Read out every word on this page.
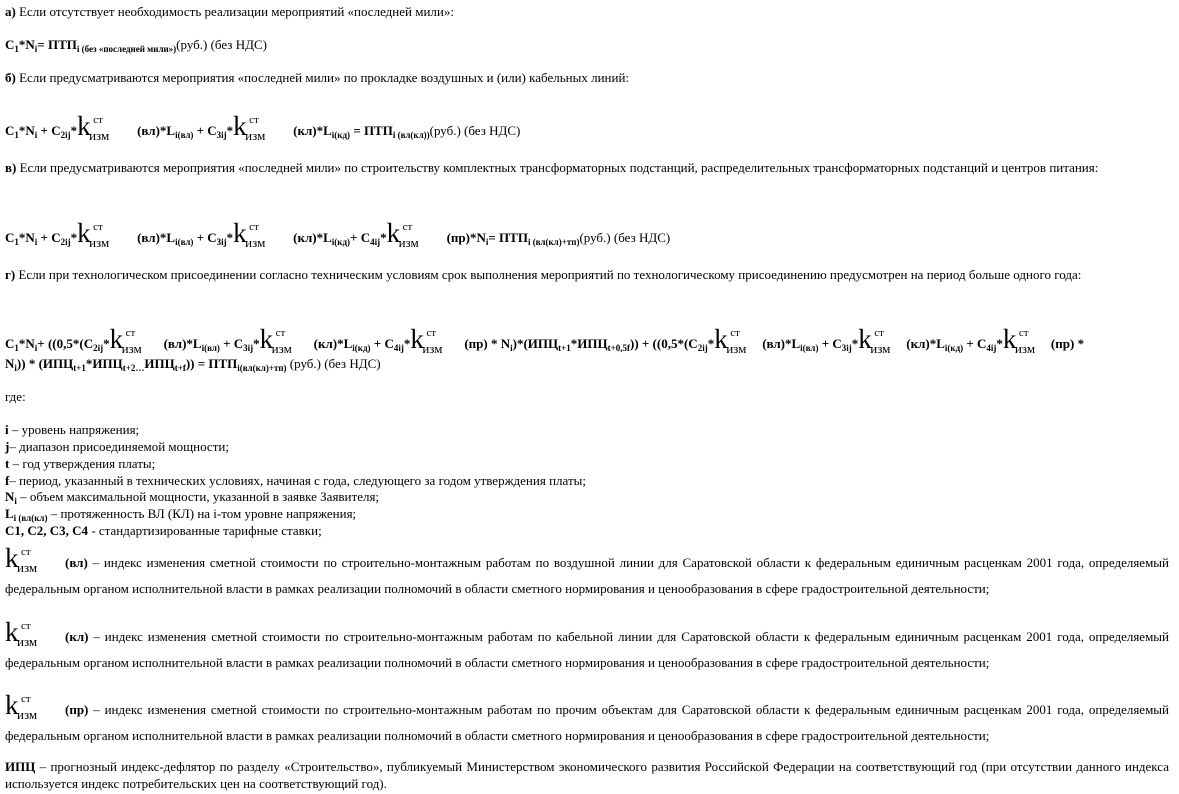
а) Если отсутствует необходимость реализации мероприятий «последней мили»:
$С_1*N_i= ПТП_{i (без «последней мили»)}(руб.)$ (без НДС)
б) Если предусматриваются мероприятия «последней мили» по прокладке воздушных и (или) кабельных линий:
$С_1*N_i + С_{2ij}*$ k ст
изм $(вл)*L_{i(вл)} + С_{3ij}*$ k ст
изм $(кл)*L_{i(кд)} = ПТП_{i (вл(кл))}(руб.)$ (без НДС)
в) Если предусматриваются мероприятия «последней мили» по строительству комплектных трансформаторных подстанций, распределительных трансформаторных подстанций и центров питания:
$С_1*N_i + С_{2ij}*$ k ст
изм $(вл)*L_{i(вл)} + С_{3ij}*$ k ст
изм $(кл)*L_{i(кд)}+ С_{4ij}*$ k ст
изм $(пр)*N_i= ПТП_{i (вл(кл)+тп)}(руб.)$ (без НДС)
г) Если при технологическом присоединении согласно техническим условиям срок выполнения мероприятий по технологическому присоединению предусмотрен на период больше одного года:
$С_1*N_i+ ((0,5*(С_{2ij}*$ k ст
изм $(вл)*L_{i(вл)} + С_{3ij}*$ k ст
изм $(кл)*L_{i(кд)} + С_{4ij}*$ k ст
изм $(пр) * N_i)*(ИПЦ_{t+1}*ИПЦ_{t+0,5f})) + ((0,5*(С_{2ij}*$ k ст
изм $(вл)*L_{i(вл)} + С_{3ij}*$ k ст
изм $(кл)*L_{i(кд)} + С_{4ij}*$ k ст
изм (пр) *
$N_i)) * (ИПЦ_{t+1}*ИПЦ_{t+2\dots}ИПЦ_{t+f})) = ПТП_{i(вл(кл)+тп)}$ (руб.) (без НДС)
где:
i – уровень напряжения;
j– диапазон присоединяемой мощности;
t – год утверждения платы;
f– период, указанный в технических условиях, начиная с года, следующего за годом утверждения платы;
$N_i$ – объем максимальной мощности, указанной в заявке Заявителя;
$L_{i (вл(кл)}$ – протяженность ВЛ (КЛ) на i-том уровне напряжения;
С1, С2, С3, С4 - стандартизированные тарифные ставки;
k ст
изм (вл) – индекс изменения сметной стоимости по строительно-монтажным работам по воздушной линии для Саратовской области к федеральным единичным расценкам 2001 года, определяемый федеральным органом исполнительной власти в рамках реализации полномочий в области сметного нормирования и ценообразования в сфере градостроительной деятельности;
k ст
изм (кл) – индекс изменения сметной стоимости по строительно-монтажным работам по кабельной линии для Саратовской области к федеральным единичным расценкам 2001 года, определяемый федеральным органом исполнительной власти в рамках реализации полномочий в области сметного нормирования и ценообразования в сфере градостроительной деятельности;
k ст
изм (пр) – индекс изменения сметной стоимости по строительно-монтажным работам по прочим объектам для Саратовской области к федеральным единичным расценкам 2001 года, определяемый федеральным органом исполнительной власти в рамках реализации полномочий в области сметного нормирования и ценообразования в сфере градостроительной деятельности;
ИПЦ – прогнозный индекс-дефлятор по разделу «Строительство», публикуемый Министерством экономического развития Российской Федерации на соответствующий год (при отсутствии данного индекса используется индекс потребительских цен на соответствующий год).
